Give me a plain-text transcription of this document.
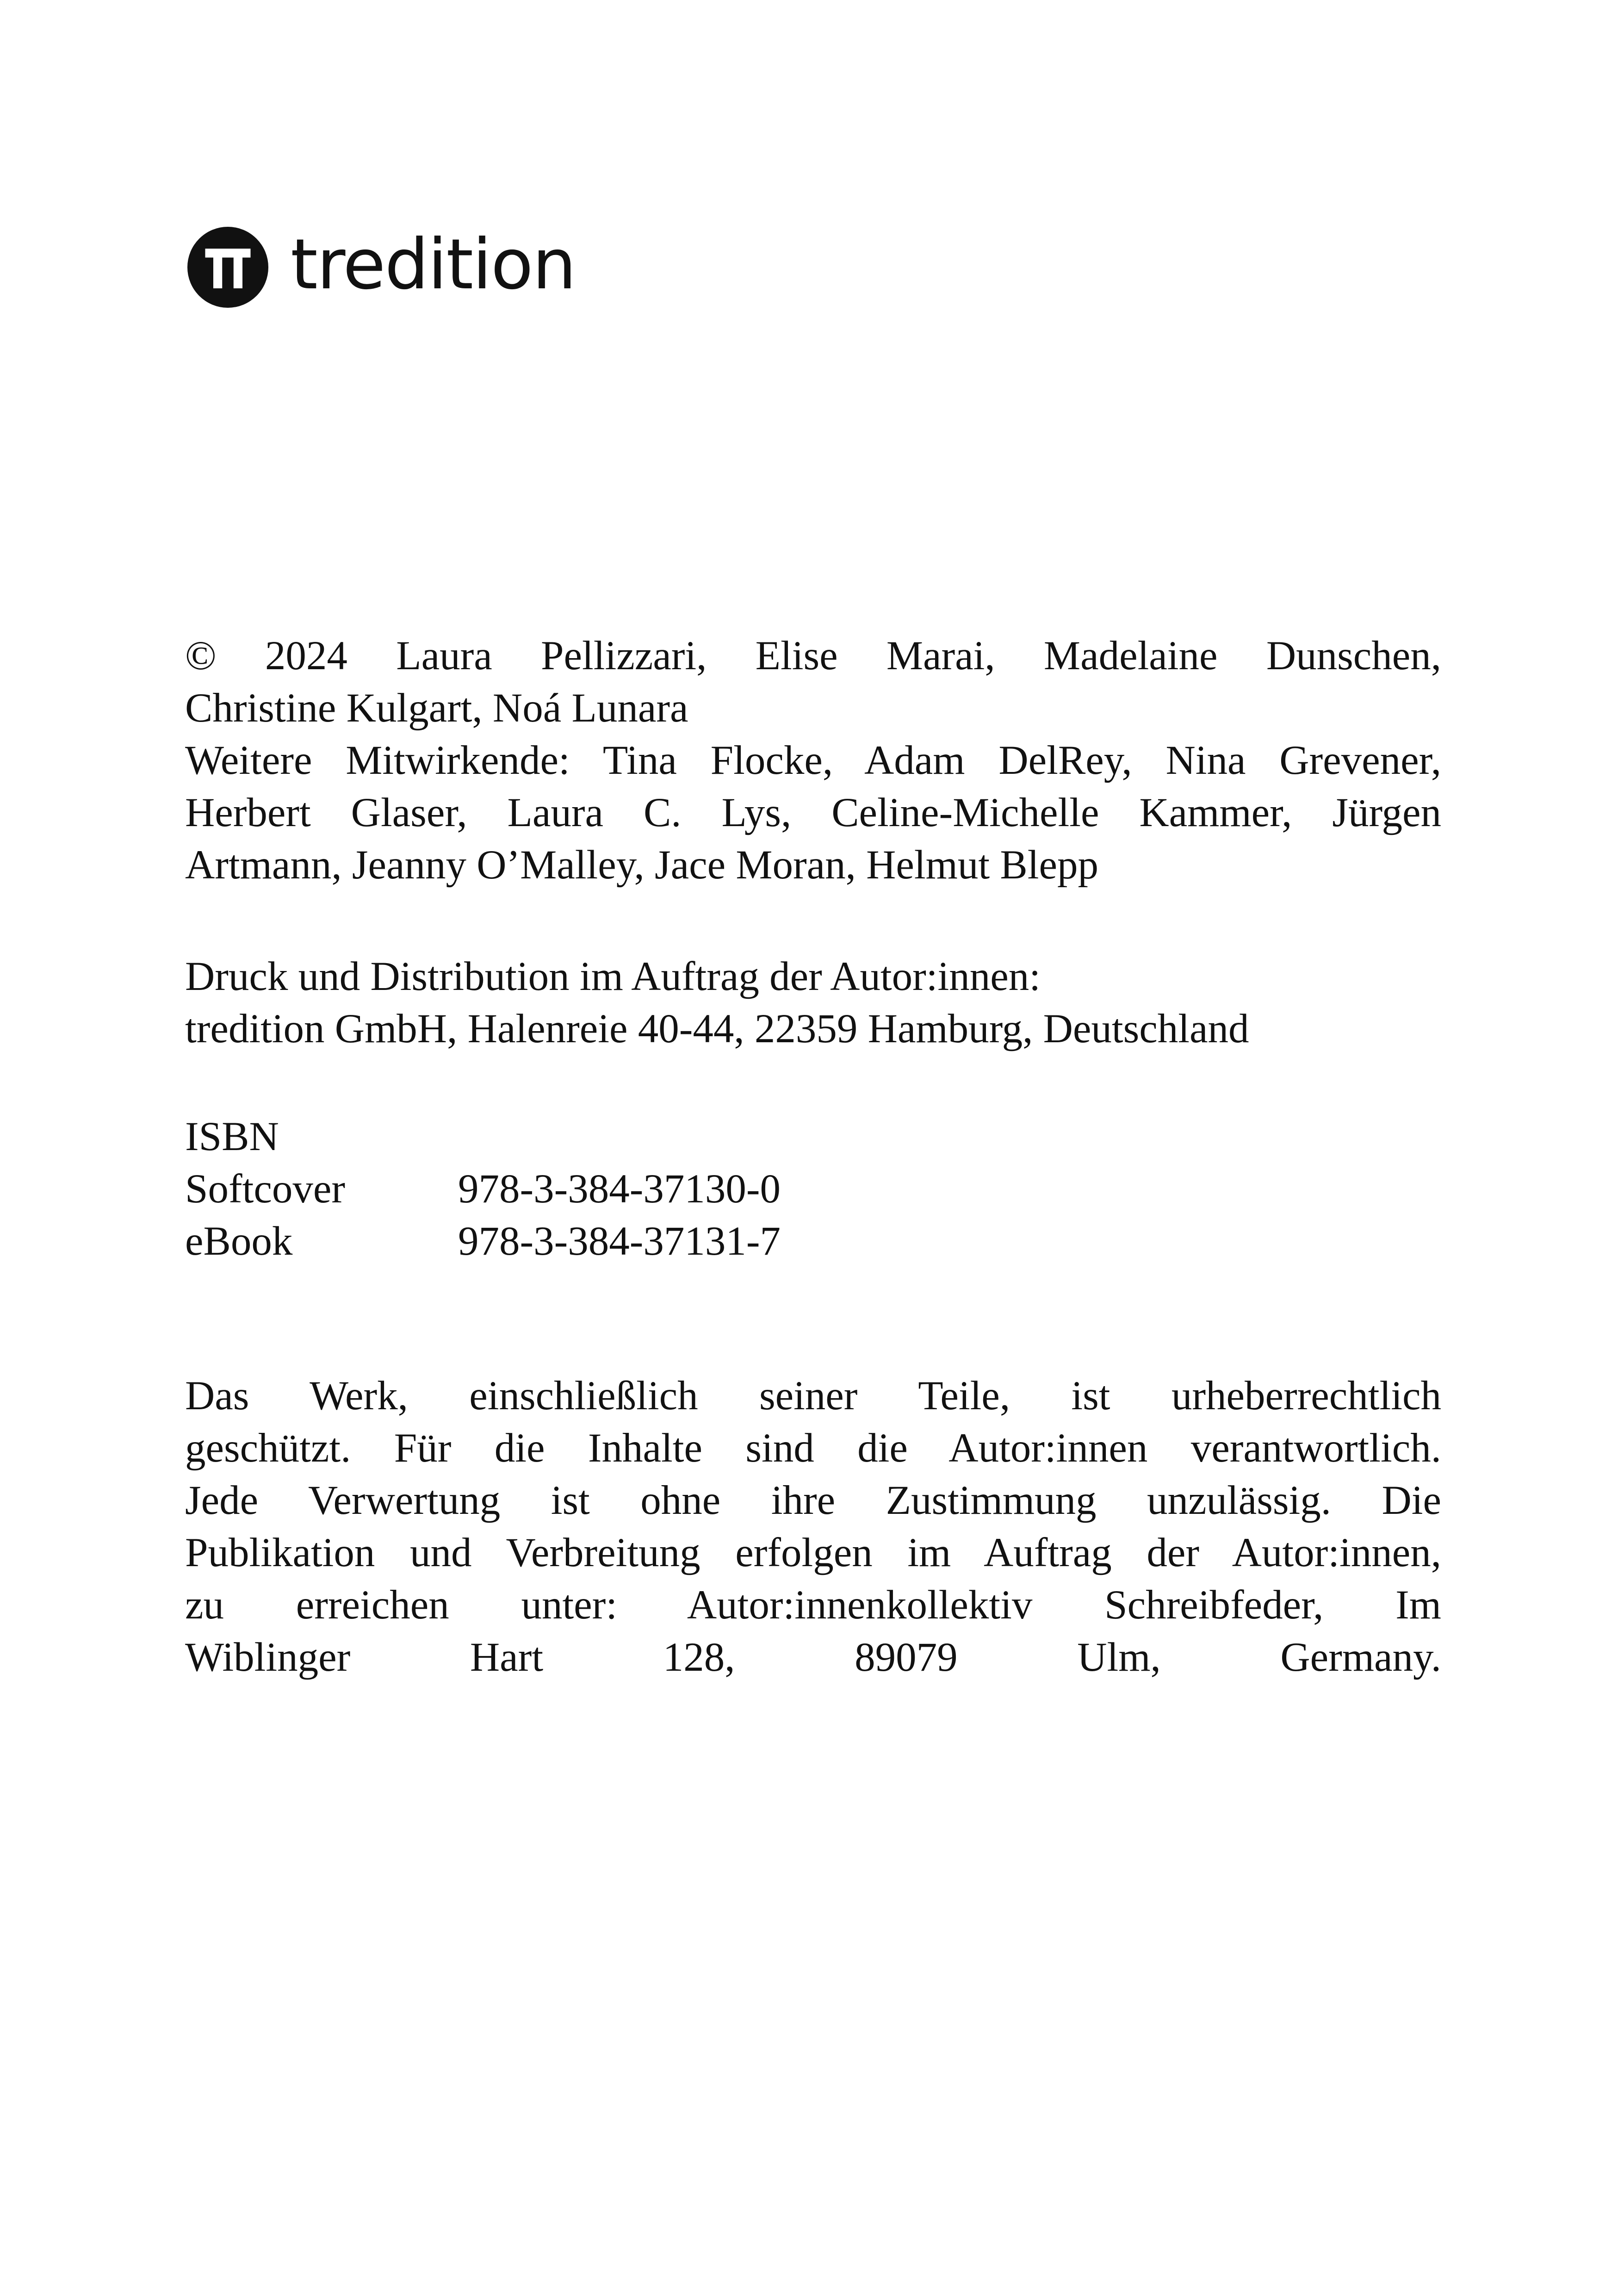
tredition
© 2024 Laura Pellizzari, Elise Marai, Madelaine Dunschen,
Christine Kulgart, Noá Lunara
Weitere Mitwirkende: Tina Flocke, Adam DelRey, Nina Grevener,
Herbert Glaser, Laura C. Lys, Celine-Michelle Kammer, Jürgen
Artmann, Jeanny O’Malley, Jace Moran, Helmut Blepp
Druck und Distribution im Auftrag der Autor:innen:
tredition GmbH, Halenreie 40-44, 22359 Hamburg, Deutschland
ISBN
Softcover	978-3-384-37130-0
eBook	978-3-384-37131-7
Das Werk, einschließlich seiner Teile, ist urheberrechtlich
geschützt. Für die Inhalte sind die Autor:innen verantwortlich.
Jede Verwertung ist ohne ihre Zustimmung unzulässig. Die
Publikation und Verbreitung erfolgen im Auftrag der Autor:innen,
zu erreichen unter: Autor:innenkollektiv Schreibfeder, Im
Wiblinger Hart 128, 89079 Ulm, Germany.
